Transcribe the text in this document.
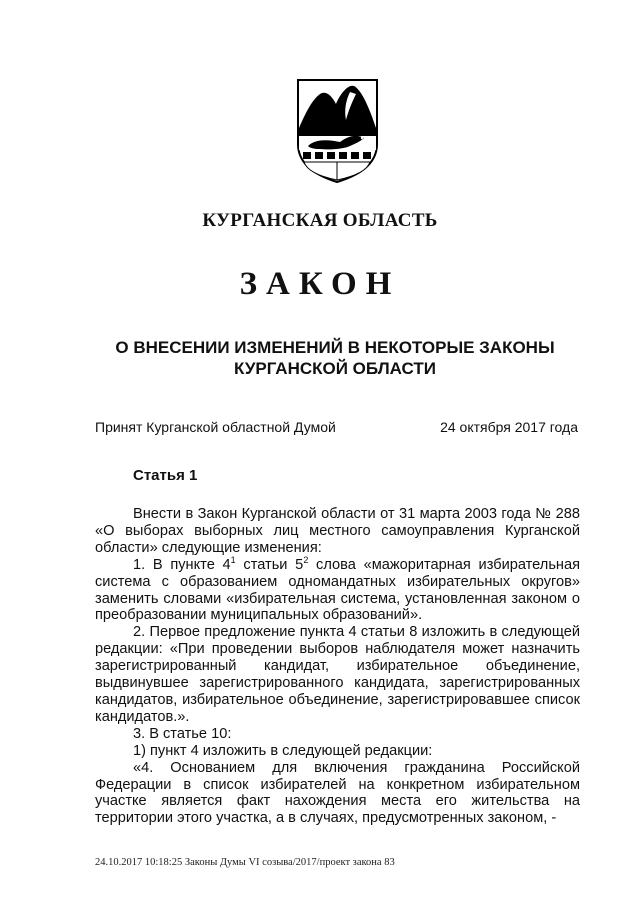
КУРГАНСКАЯ ОБЛАСТЬ
ЗАКОН
О ВНЕСЕНИИ ИЗМЕНЕНИЙ В НЕКОТОРЫЕ ЗАКОНЫ
КУРГАНСКОЙ ОБЛАСТИ
Принят Курганской областной Думой	24 октября 2017 года
Статья 1

Внести в Закон Курганской области от 31 марта 2003 года № 288 «О выборах выборных лиц местного самоуправления Курганской области» следующие изменения:

1. В пункте $4^1$ статьи $5^2$ слова «мажоритарная избирательная система с образованием одномандатных избирательных округов» заменить словами «избирательная система, установленная законом о преобразовании муниципальных образований».

2. Первое предложение пункта 4 статьи 8 изложить в следующей редакции: «При проведении выборов наблюдателя может назначить зарегистрированный кандидат, избирательное объединение, выдвинувшее зарегистрированного кандидата, зарегистрированных кандидатов, избирательное объединение, зарегистрировавшее список кандидатов.».

3. В статье 10:

1) пункт 4 изложить в следующей редакции:

«4. Основанием для включения гражданина Российской Федерации в список избирателей на конкретном избирательном участке является факт нахождения места его жительства на территории этого участка, а в случаях, предусмотренных законом, -

24.10.2017 10:18:25 Законы Думы VI созыва/2017/проект закона 83
